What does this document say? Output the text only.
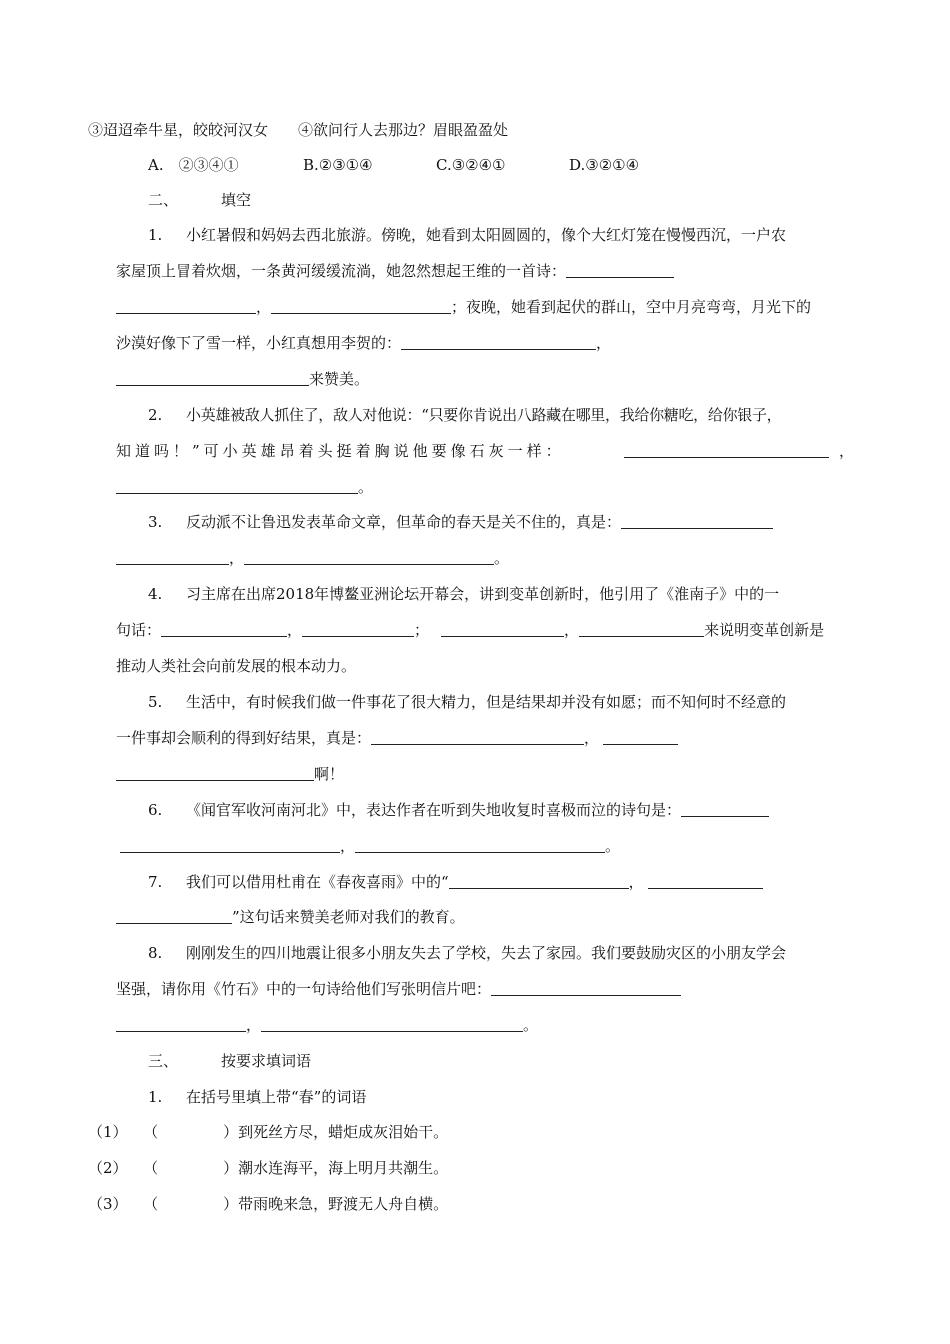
③迢迢牵牛星，皎皎河汉女　　④欲问行人去那边？眉眼盈盈处
A.　②③④①	B.②③①④	C.③②④①	D.③②①④
二、	填空
1. 小红暑假和妈妈去西北旅游。傍晚，她看到太阳圆圆的，像个大红灯笼在慢慢西沉，一户农
家屋顶上冒着炊烟，一条黄河缓缓流淌，她忽然想起王维的一首诗：
，	；夜晚，她看到起伏的群山，空中月亮弯弯，月光下的
沙漠好像下了雪一样，小红真想用李贺的：	，
来赞美。
2. 小英雄被敌人抓住了，敌人对他说：“只要你肯说出八路藏在哪里，我给你糖吃，给你银子，
知道吗！”可小英雄昂着头挺着胸说他要像石灰一样：	，
。
3. 反动派不让鲁迅发表革命文章，但革命的春天是关不住的，真是：
，	。
4. 习主席在出席2018年博鳌亚洲论坛开幕会，讲到变革创新时，他引用了《淮南子》中的一
句话：	，	；	，	来说明变革创新是
推动人类社会向前发展的根本动力。
5. 生活中，有时候我们做一件事花了很大精力，但是结果却并没有如愿；而不知何时不经意的
一件事却会顺利的得到好结果，真是：	，
啊！
6. 《闻官军收河南河北》中，表达作者在听到失地收复时喜极而泣的诗句是：
，	。
7. 我们可以借用杜甫在《春夜喜雨》中的“	，
”这句话来赞美老师对我们的教育。
8. 刚刚发生的四川地震让很多小朋友失去了学校，失去了家园。我们要鼓励灾区的小朋友学会
坚强，请你用《竹石》中的一句诗给他们写张明信片吧：
，	。
三、	按要求填词语
1. 在括号里填上带“春”的词语
（1） （	）到死丝方尽，蜡炬成灰泪始干。
（2） （	）潮水连海平，海上明月共潮生。
（3） （	）带雨晚来急，野渡无人舟自横。
